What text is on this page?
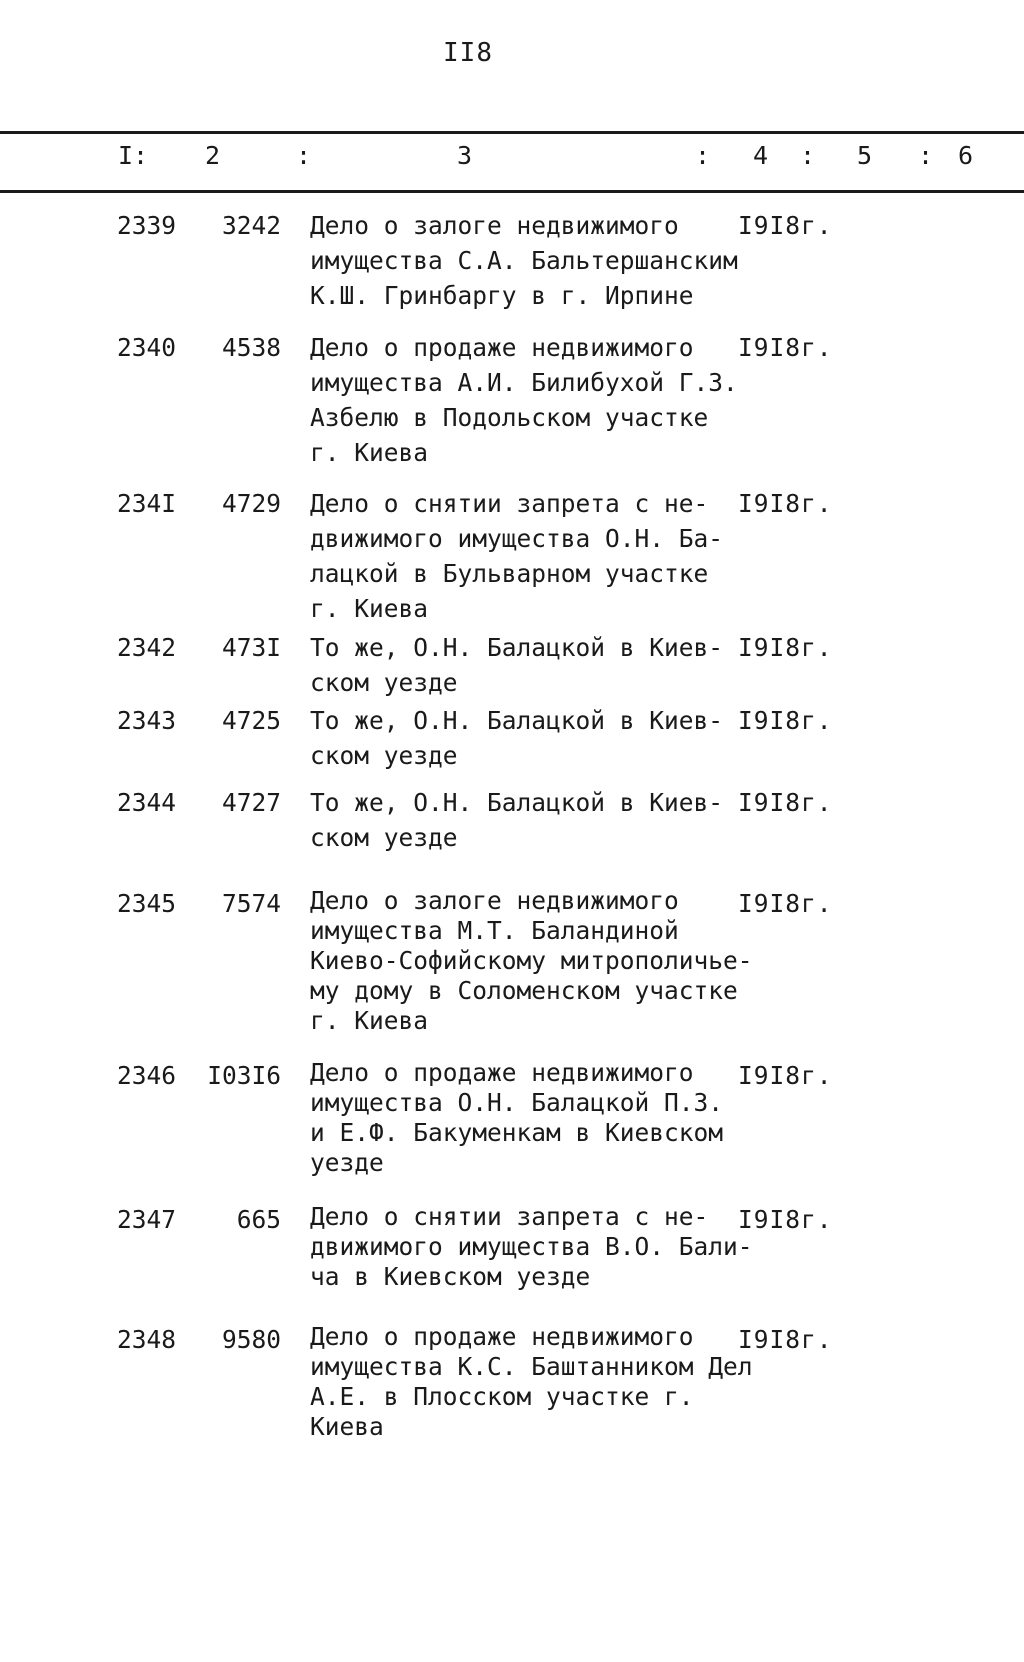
II8
I: 2	:	3	: 4 : 5 : 6
2339	3242 Дело о залоге недвижимого
имущества С.А. Бальтершанским
К.Ш. Гринбаргу в г. Ирпине
I9I8г.
2340	4538 Дело о продаже недвижимого
имущества А.И. Билибухой Г.З.
Азбелю в Подольском участке
г. Киева
I9I8г.
234I	4729 Дело о снятии запрета с не-
движимого имущества О.Н. Ба-
лацкой в Бульварном участке
г. Киева
I9I8г.
2342	473I То же, О.Н. Балацкой в Киев-
ском уезде
I9I8г.
2343	4725 То же, О.Н. Балацкой в Киев-
ском уезде
I9I8г.
2344	4727 То же, О.Н. Балацкой в Киев-
ском уезде
I9I8г.
2345	7574 Дело о залоге недвижимого
имущества М.Т. Баландиной
Киево-Софийскому митрополичье-
му дому в Соломенском участке
г. Киева
I9I8г.
2346	I03I6 Дело о продаже недвижимого
имущества О.Н. Балацкой П.З.
и Е.Ф. Бакуменкам в Киевском
уезде
I9I8г.
2347	665 Дело о снятии запрета с не-
движимого имущества В.О. Бали-
ча в Киевском уезде
I9I8г.
2348	9580 Дело о продаже недвижимого
имущества К.С. Баштанником Дел
А.Е. в Плосском участке г.
Киева
I9I8г.
